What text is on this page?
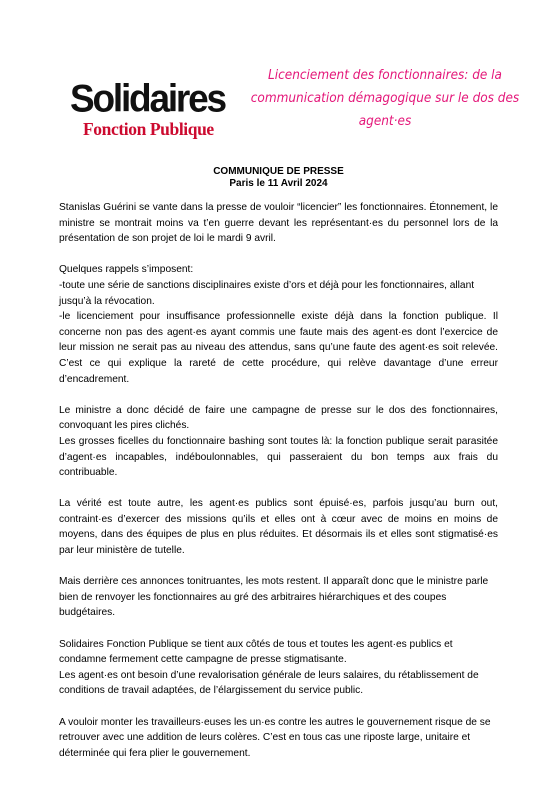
Solidaires
Fonction Publique
Licenciement des fonctionnaires: de la communication démagogique sur le dos des agent·es
COMMUNIQUE DE PRESSE
Paris le 11 Avril 2024

Stanislas Guérini se vante dans la presse de vouloir “licencier” les fonctionnaires. Étonnement, le ministre se montrait moins va t’en guerre devant les représentant·es du personnel lors de la présentation de son projet de loi le mardi 9 avril.

Quelques rappels s’imposent:
-toute une série de sanctions disciplinaires existe d’ors et déjà pour les fonctionnaires, allant jusqu’à la révocation.
-le licenciement pour insuffisance professionnelle existe déjà dans la fonction publique. Il concerne non pas des agent·es ayant commis une faute mais des agent·es dont l’exercice de leur mission ne serait pas au niveau des attendus, sans qu’une faute des agent·es soit relevée. C’est ce qui explique la rareté de cette procédure, qui relève davantage d’une erreur d’encadrement.

Le ministre a donc décidé de faire une campagne de presse sur le dos des fonctionnaires, convoquant les pires clichés.
Les grosses ficelles du fonctionnaire bashing sont toutes là: la fonction publique serait parasitée d’agent·es incapables, indéboulonnables, qui passeraient du bon temps aux frais du contribuable.

La vérité est toute autre, les agent·es publics sont épuisé·es, parfois jusqu’au burn out, contraint·es d’exercer des missions qu’ils et elles ont à cœur avec de moins en moins de moyens, dans des équipes de plus en plus réduites. Et désormais ils et elles sont stigmatisé·es par leur ministère de tutelle.

Mais derrière ces annonces tonitruantes, les mots restent. Il apparaît donc que le ministre parle bien de renvoyer les fonctionnaires au gré des arbitraires hiérarchiques et des coupes budgétaires.

Solidaires Fonction Publique se tient aux côtés de tous et toutes les agent·es publics et condamne fermement cette campagne de presse stigmatisante.
Les agent·es ont besoin d’une revalorisation générale de leurs salaires, du rétablissement de conditions de travail adaptées, de l’élargissement du service public.

A vouloir monter les travailleurs·euses les un·es contre les autres le gouvernement risque de se retrouver avec une addition de leurs colères. C’est en tous cas une riposte large, unitaire et déterminée qui fera plier le gouvernement.
